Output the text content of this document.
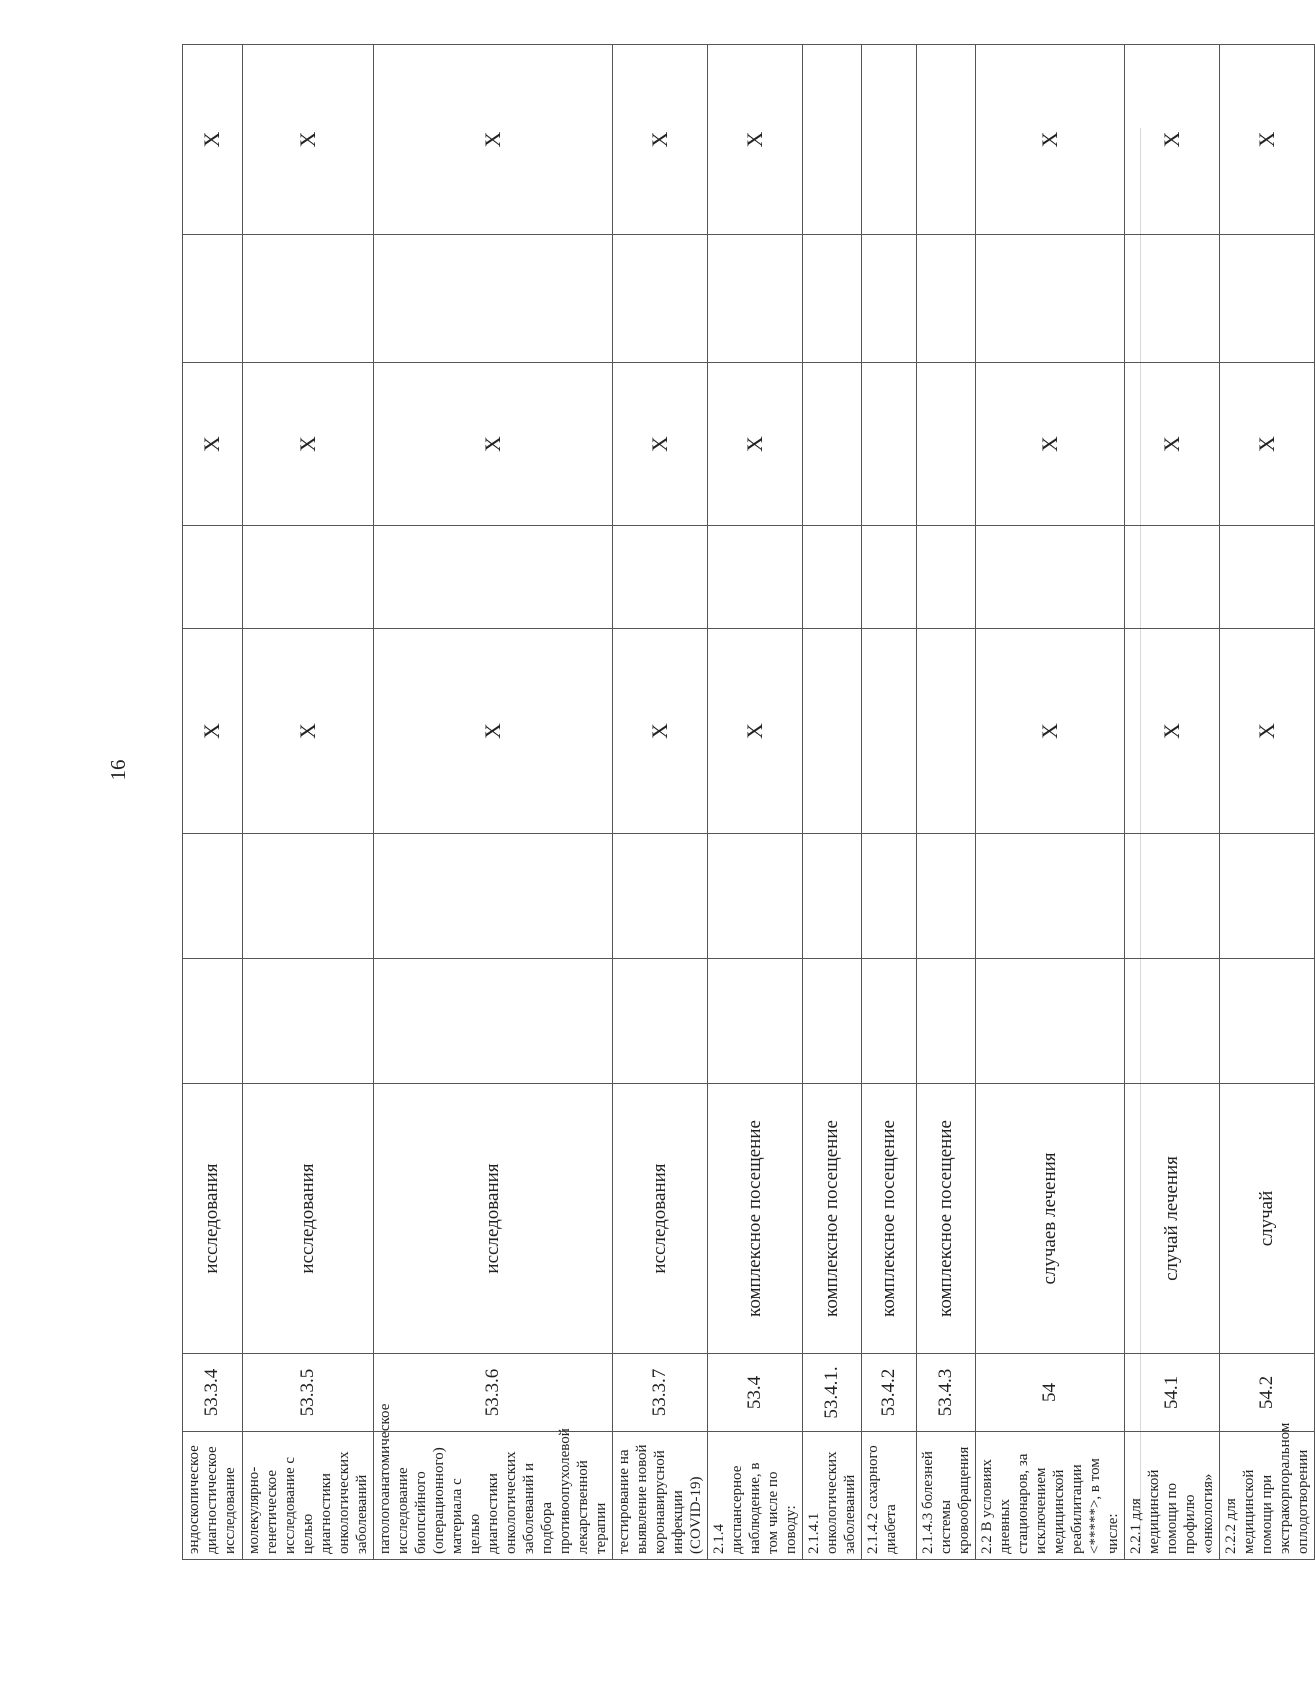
16
эндоскопическое диагностическое исследование	53.3.4	исследования			Х		Х		Х
молекулярно-генетическое исследование с целью диагностики онкологических заболеваний	53.3.5	исследования			Х		Х		Х
патологоанатомическое исследование биопсийного (операционного) материала с целью диагностики онкологических заболеваний и подбора противоопухолевой лекарственной терапии	53.3.6	исследования			Х		Х		Х
тестирование на выявление новой коронавирусной инфекции (COVID-19)	53.3.7	исследования			Х		Х		Х
2.1.4 диспансерное наблюдение, в том числе по поводу:	53.4	комплексное посещение			Х		Х		Х
2.1.4.1 онкологических заболеваний	53.4.1.	комплексное посещение							
2.1.4.2 сахарного диабета	53.4.2	комплексное посещение							
2.1.4.3 болезней системы кровообращения	53.4.3	комплексное посещение							
2.2 В условиях дневных стационаров, за исключением медицинской реабилитации <*****>, в том числе:	54	случаев лечения			Х		Х		Х
2.2.1 для медицинской помощи по профилю «онкология»	54.1	случай лечения			Х		Х		Х
2.2.2 для медицинской помощи при экстракорпоральном оплодотворении	54.2	случай			Х		Х		Х
